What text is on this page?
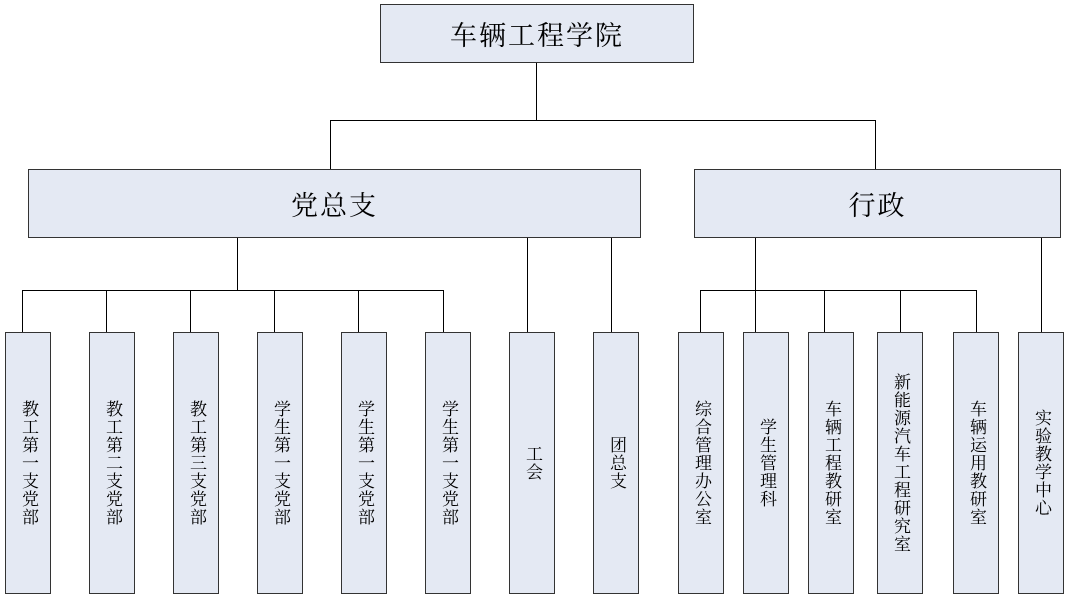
车辆工程学院
党总支	行政
教工第一支党部	教工第二支党部	教工第三支党部	学生第一支党部	学生第一支党部	学生第一支党部	工会	团总支	综合管理办公室	学生管理科	车辆工程教研室	新能源汽车工程研究室	车辆运用教研室	实验教学中心
